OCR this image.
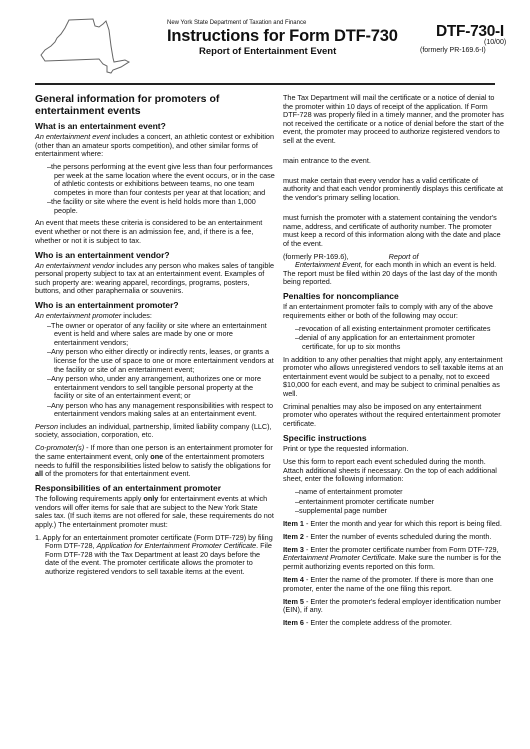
New York State Department of Taxation and Finance
Instructions for Form DTF-730
Report of Entertainment Event
DTF-730-I
(10/00)
(formerly PR-169.6-I)
General information for promoters of entertainment events
What is an entertainment event?

An entertainment event includes a concert, an athletic contest or exhibition (other than an amateur sports competition), and other similar forms of entertainment where:

–the persons performing at the event give less than four performances per week at the same location where the event occurs, or in the case of athletic contests or exhibitions between teams, no one team competes in more than four contests per year at that location; and
–the facility or site where the event is held holds more than 1,000 people.

An event that meets these criteria is considered to be an entertainment event whether or not there is an admission fee, and, if there is a fee, whether or not it is subject to tax.

Who is an entertainment vendor?

An entertainment vendor includes any person who makes sales of tangible personal property subject to tax at an entertainment event. Examples of such property are: wearing apparel, recordings, programs, posters, buttons, and other paraphernalia or souvenirs.

Who is an entertainment promoter?

An entertainment promoter includes:

–The owner or operator of any facility or site where an entertainment event is held and where sales are made by one or more entertainment vendors;
–Any person who either directly or indirectly rents, leases, or grants a license for the use of space to one or more entertainment vendors at the facility or site of an entertainment event;
–Any person who, under any arrangement, authorizes one or more entertainment vendors to sell tangible personal property at the facility or site of an entertainment event; or
–Any person who has any management responsibilities with respect to entertainment vendors making sales at an entertainment event.

Person includes an individual, partnership, limited liability company (LLC), society, association, corporation, etc.

Co-promoter(s) - If more than one person is an entertainment promoter for the same entertainment event, only one of the entertainment promoters needs to fulfill the responsibilities listed below to satisfy the obligations for all of the promoters for that entertainment event.

Responsibilities of an entertainment promoter

The following requirements apply only for entertainment events at which vendors will offer items for sale that are subject to the New York State sales tax. (If such items are not offered for sale, these requirements do not apply.) The entertainment promoter must:

1. Apply for an entertainment promoter certificate (Form DTF-729) by filing Form DTF-728, Application for Entertainment Promoter Certificate. File Form DTF-728 with the Tax Department at least 20 days before the date of the event. The promoter certificate allows the promoter to authorize registered vendors to sell taxable items at the event.

The Tax Department will mail the certificate or a notice of denial to the promoter within 10 days of receipt of the application. If Form DTF-728 was properly filed in a timely manner, and the promoter has not received the certificate or a notice of denial before the start of the event, the promoter may proceed to authorize registered vendors to sell at the event.

main entrance to the event.

must make certain that every vendor has a valid certificate of authority and that each vendor prominently displays this certificate at the vendor's primary selling location.

must furnish the promoter with a statement containing the vendor's name, address, and certificate of authority number. The promoter must keep a record of this information along with the date and place of the event.

(formerly PR-169.6),	Report of
Entertainment Event, for each month in which an event is held. The report must be filed within 20 days of the last day of the month being reported.

Penalties for noncompliance

If an entertainment promoter fails to comply with any of the above requirements either or both of the following may occur:

–revocation of all existing entertainment promoter certificates
–denial of any application for an entertainment promoter certificate, for up to six months

In addition to any other penalties that might apply, any entertainment promoter who allows unregistered vendors to sell taxable items at an entertainment event would be subject to a penalty, not to exceed $10,000 for each event, and may be subject to criminal penalties as well.

Criminal penalties may also be imposed on any entertainment promoter who operates without the required entertainment promoter certificate.

Specific instructions

Print or type the requested information.

Use this form to report each event scheduled during the month. Attach additional sheets if necessary. On the top of each additional sheet, enter the following information:

–name of entertainment promoter
–entertainment promoter certificate number
–supplemental page number

Item 1 - Enter the month and year for which this report is being filed.

Item 2 - Enter the number of events scheduled during the month.

Item 3 - Enter the promoter certificate number from Form DTF-729, Entertainment Promoter Certificate. Make sure the number is for the permit authorizing events reported on this form.

Item 4 - Enter the name of the promoter. If there is more than one promoter, enter the name of the one filing this report.

Item 5 - Enter the promoter's federal employer identification number (EIN), if any.

Item 6 - Enter the complete address of the promoter.
